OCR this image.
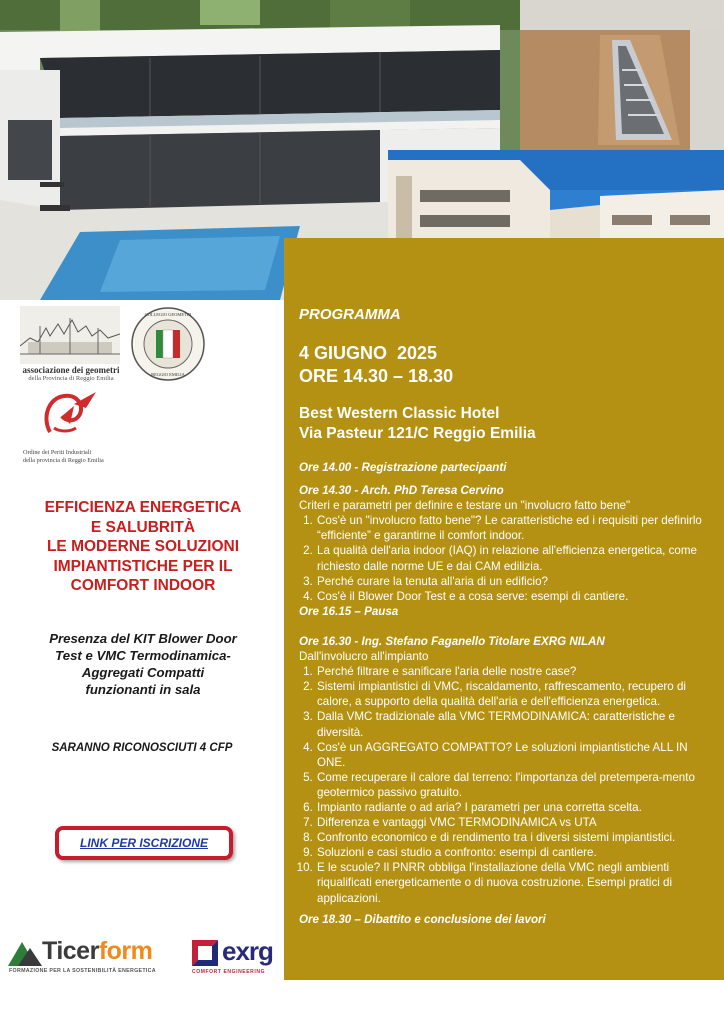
associazione dei geometri
della Provincia di Reggio Emilia
COLLEGIO GEOMETRI
REGGIO EMILIA
Ordine dei Periti Industriali
della provincia di Reggio Emilia
EFFICIENZA ENERGETICA
E SALUBRITÀ
LE MODERNE SOLUZIONI
IMPIANTISTICHE PER IL
COMFORT INDOOR
Presenza del KIT Blower Door
Test e VMC Termodinamica-
Aggregati Compatti
funzionanti in sala
SARANNO RICONOSCIUTI 4 CFP
LINK PER ISCRIZIONE
PROGRAMMA
4 GIUGNO  2025
ORE 14.30 – 18.30
Best Western Classic Hotel
Via Pasteur 121/C Reggio Emilia
Ore 14.00 - Registrazione partecipanti
Ore 14.30 - Arch. PhD Teresa Cervino
Criteri e parametri per definire e testare un "involucro fatto bene"
1. Cos'è un "involucro fatto bene"? Le caratteristiche ed i requisiti per definirlo “efficiente” e garantirne il comfort indoor.
2. La qualità dell'aria indoor (IAQ) in relazione all'efficienza energetica, come richiesto dalle norme UE e dai CAM edilizia.
3. Perché curare la tenuta all'aria di un edificio?
4. Cos'è il Blower Door Test e a cosa serve: esempi di cantiere.
Ore 16.15 – Pausa
Ore 16.30 - Ing. Stefano Faganello Titolare EXRG NILAN
Dall'involucro all'impianto
1. Perché filtrare e sanificare l'aria delle nostre case?
2. Sistemi impiantistici di VMC, riscaldamento, raffrescamento, recupero di calore, a supporto della qualità dell'aria e dell'efficienza energetica.
3. Dalla VMC tradizionale alla VMC TERMODINAMICA: caratteristiche e diversità.
4. Cos'è un AGGREGATO COMPATTO? Le soluzioni impiantistiche ALL IN ONE.
5. Come recuperare il calore dal terreno: l'importanza del pretempera-mento geotermico passivo gratuito.
6. Impianto radiante o ad aria? I parametri per una corretta scelta.
7. Differenza e vantaggi VMC TERMODINAMICA vs UTA
8. Confronto economico e di rendimento tra i diversi sistemi impiantistici.
9. Soluzioni e casi studio a confronto: esempi di cantiere.
10. E le scuole? Il PNRR obbliga l'installazione della VMC negli ambienti riqualificati energeticamente o di nuova costruzione. Esempi pratici di applicazioni.
Ore 18.30 – Dibattito e conclusione dei lavori
Ticerform
FORMAZIONE PER LA SOSTENIBILITÀ ENERGETICA
exrg
COMFORT ENGINEERING
